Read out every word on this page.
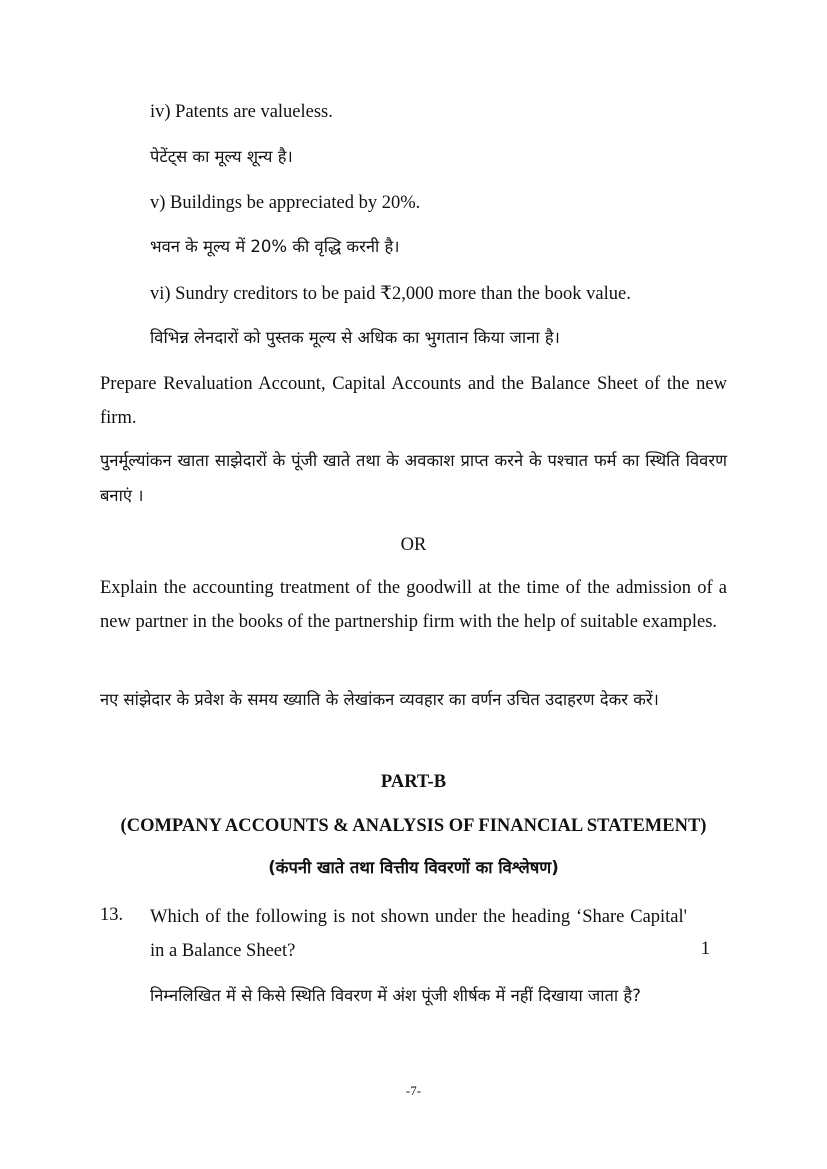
iv) Patents are valueless.
पेटेंट्स का मूल्य शून्य है।
v) Buildings be appreciated by 20%.
भवन के मूल्य में 20% की वृद्धि करनी है।
vi) Sundry creditors to be paid ₹2,000 more than the book value.
विभिन्न लेनदारों को पुस्तक मूल्य से अधिक का भुगतान किया जाना है।
Prepare Revaluation Account, Capital Accounts and the Balance Sheet of the new firm.
पुनर्मूल्यांकन खाता साझेदारों के पूंजी खाते तथा के अवकाश प्राप्त करने के पश्चात फर्म का स्थिति विवरण बनाएं ।
OR
Explain the accounting treatment of the goodwill at the time of the admission of a new partner in the books of the partnership firm with the help of suitable examples.
नए सांझेदार के प्रवेश के समय ख्याति के लेखांकन व्यवहार का वर्णन उचित उदाहरण देकर करें।
PART-B
(COMPANY ACCOUNTS & ANALYSIS OF FINANCIAL STATEMENT)
(कंपनी खाते तथा वित्तीय विवरणों का विश्लेषण)
13. Which of the following is not shown under the heading ‘Share Capital' in a Balance Sheet?	1
निम्नलिखित में से किसे स्थिति विवरण में अंश पूंजी शीर्षक में नहीं दिखाया जाता है?
-7-
